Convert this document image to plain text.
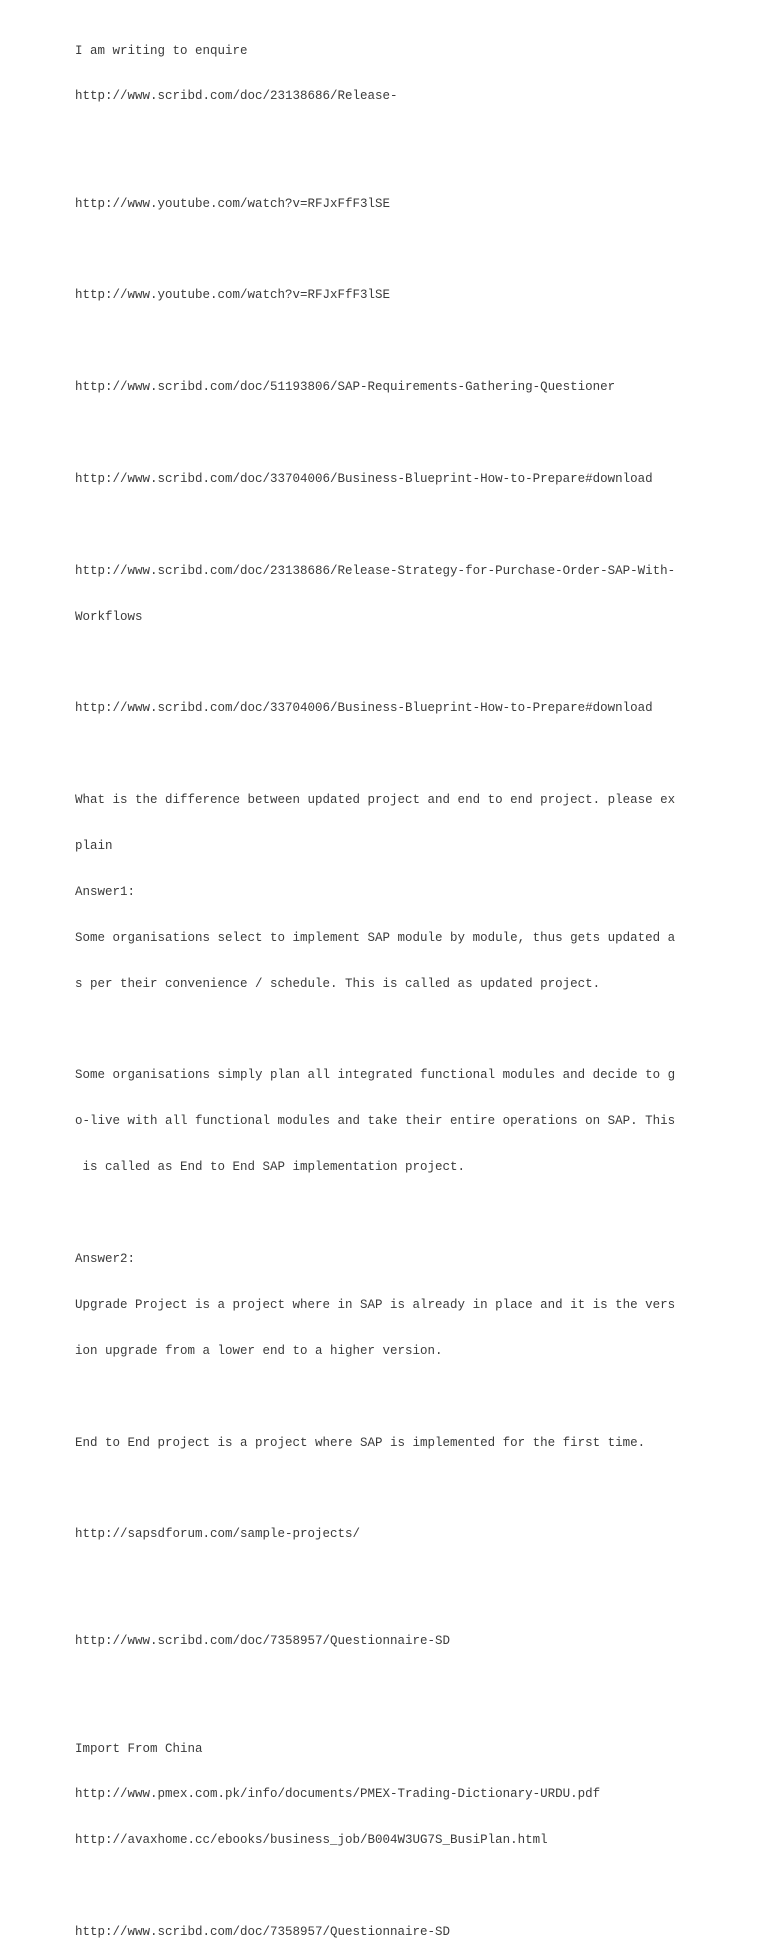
I am writing to enquire

http://www.scribd.com/doc/23138686/Release-

http://www.youtube.com/watch?v=RFJxFfF3lSE

http://www.youtube.com/watch?v=RFJxFfF3lSE

http://www.scribd.com/doc/51193806/SAP-Requirements-Gathering-Questioner

http://www.scribd.com/doc/33704006/Business-Blueprint-How-to-Prepare#download

http://www.scribd.com/doc/23138686/Release-Strategy-for-Purchase-Order-SAP-With-

Workflows

http://www.scribd.com/doc/33704006/Business-Blueprint-How-to-Prepare#download

What is the difference between updated project and end to end project. please ex

plain

Answer1:

Some organisations select to implement SAP module by module, thus gets updated a

s per their convenience / schedule. This is called as updated project.

Some organisations simply plan all integrated functional modules and decide to g

o-live with all functional modules and take their entire operations on SAP. This

is called as End to End SAP implementation project.

Answer2:

Upgrade Project is a project where in SAP is already in place and it is the vers

ion upgrade from a lower end to a higher version.

End to End project is a project where SAP is implemented for the first time.

http://sapsdforum.com/sample-projects/

http://www.scribd.com/doc/7358957/Questionnaire-SD

Import From China

http://www.pmex.com.pk/info/documents/PMEX-Trading-Dictionary-URDU.pdf

http://avaxhome.cc/ebooks/business_job/B004W3UG7S_BusiPlan.html

http://www.scribd.com/doc/7358957/Questionnaire-SD
